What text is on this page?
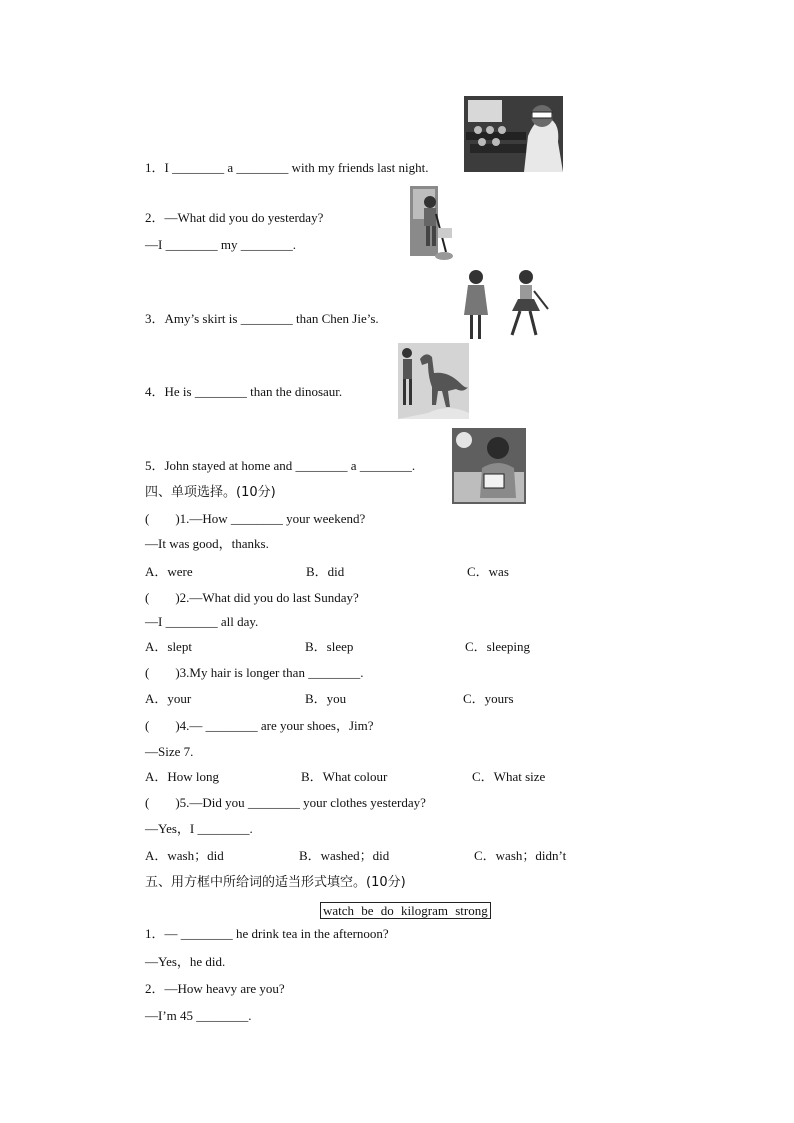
1．I ________ a ________ with my friends last night.
2．—What did you do yesterday?
—I ________ my ________.
3．Amy’s skirt is ________ than Chen Jie’s.
4．He is ________ than the dinosaur.
5．John stayed at home and ________ a ________.
四、单项选择。(10分)
(　　)1.—How ________ your weekend?
—It was good，thanks.
A．were	B．did	C．was
(　　)2.—What did you do last Sunday?
—I ________ all day.
A．slept	B．sleep	C．sleeping
(　　)3.My hair is longer than ________.
A．your	B．you	C．yours
(　　)4.— ________ are your shoes，Jim?
—Size 7.
A．How long	B．What colour	C．What size
(　　)5.—Did you ________ your clothes yesterday?
—Yes，I ________.
A．wash；did	B．washed；did	C．wash；didn’t
五、用方框中所给词的适当形式填空。(10分)
watch be do kilogram strong
1．— ________ he drink tea in the afternoon?
—Yes，he did.
2．—How heavy are you?
—I’m 45 ________.
